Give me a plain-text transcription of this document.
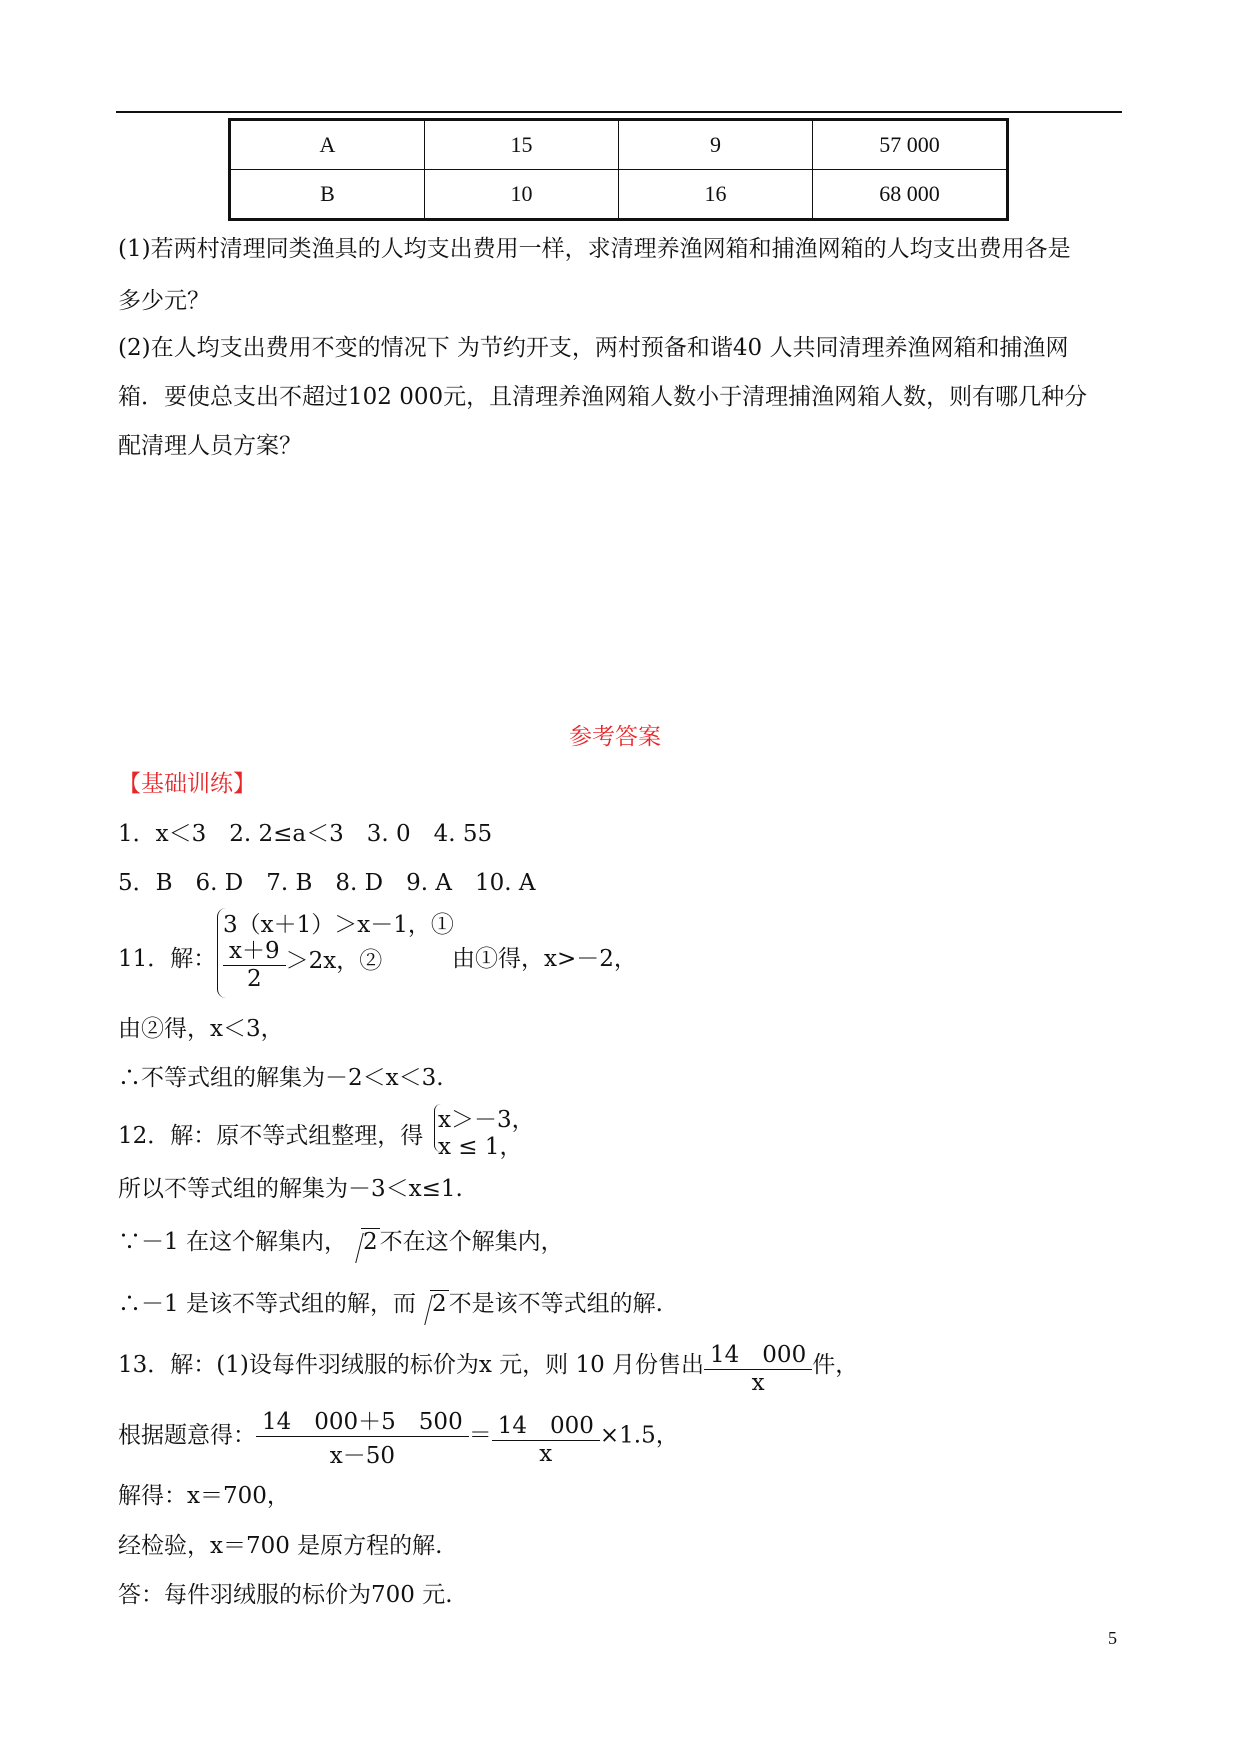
A	15	9	57 000
B	10	16	68 000
(1)若两村清理同类渔具的人均支出费用一样，求清理养渔网箱和捕渔网箱的人均支出费用各是
多少元？
(2)在人均支出费用不变的情况下 为节约开支，两村预备和谐40 人共同清理养渔网箱和捕渔网
箱．要使总支出不超过102 000元，且清理养渔网箱人数小于清理捕渔网箱人数，则有哪几种分
配清理人员方案？
参考答案
【基础训练】
1．x＜3　2. 2≤a＜3　3. 0　4. 55
5．B　6. D　7. B　8. D　9. A　10. A
11．解：
3（x＋1）＞x－1，①
$\frac{x+9}{2} >2x$，②	由①得，x>－2，
由②得，x＜3，
∴不等式组的解集为－2＜x＜3.
12．解：原不等式组整理，得
x＞－3，
x ≤ 1，
所以不等式组的解集为－3＜x≤1.
∵－1 在这个解集内， 2不在这个解集内，
∴－1 是该不等式组的解，而 2不是该不等式组的解.
13．解：(1)设每件羽绒服的标价为x 元，则 10 月份售出 $\frac{14 000}{x}$ 件，
根据题意得： $\frac{14 000+5 500}{x-50} = \frac{14 000}{x} \times 1.5$，
解得：x＝700，
经检验，x＝700 是原方程的解.
答：每件羽绒服的标价为700 元.
5
